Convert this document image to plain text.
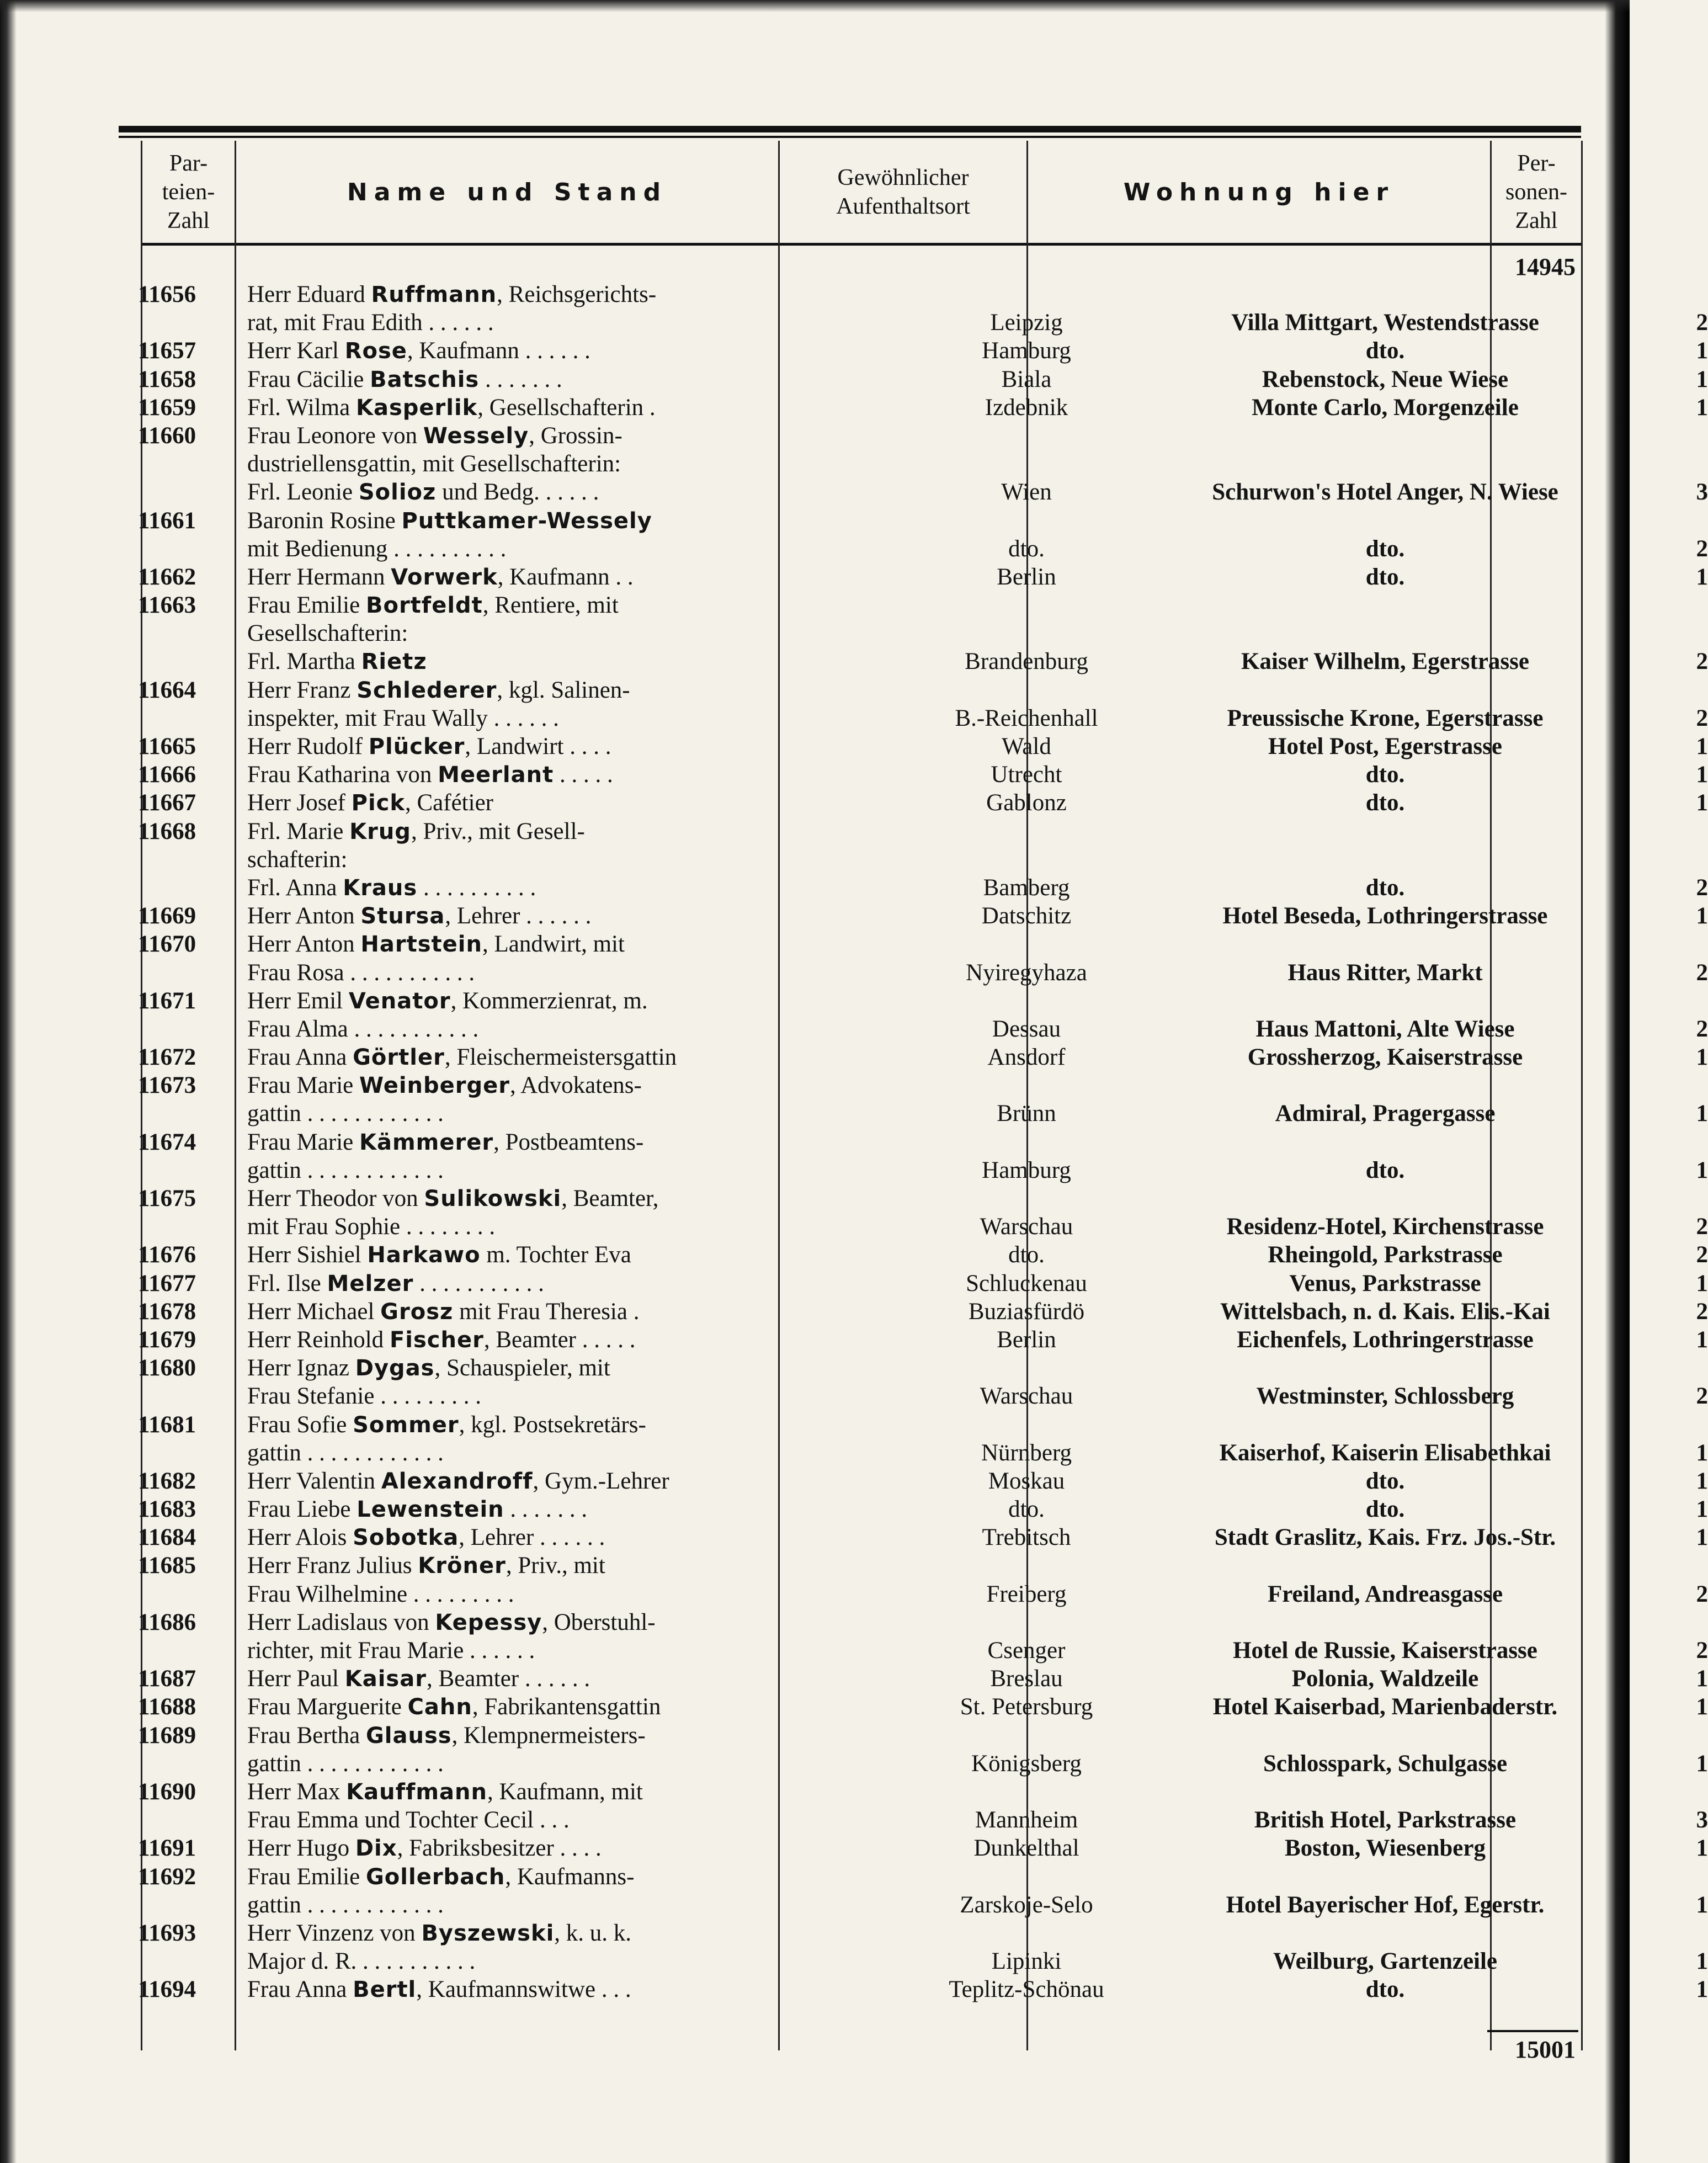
Par-
teien-
Zahl
Name und Stand
Gewöhnlicher
Aufenthaltsort
Wohnung hier
Per-
sonen-
Zahl
14945
11656	Herr Eduard Ruffmann, Reichsgerichts-
rat, mit Frau Edith . . . . . .	Leipzig	Villa Mittgart, Westendstrasse	2
11657	Herr Karl Rose, Kaufmann . . . . . .	Hamburg	dto.	1
11658	Frau Cäcilie Batschis . . . . . . .	Biala	Rebenstock, Neue Wiese	1
11659	Frl. Wilma Kasperlik, Gesellschafterin .	Izdebnik	Monte Carlo, Morgenzeile	1
11660	Frau Leonore von Wessely, Grossin-
dustriellensgattin, mit Gesellschafterin:
Frl. Leonie Solioz und Bedg. . . . . .	Wien	Schurwon's Hotel Anger, N. Wiese	3
11661	Baronin Rosine Puttkamer-Wessely
mit Bedienung . . . . . . . . . .	dto.	dto.	2
11662	Herr Hermann Vorwerk, Kaufmann . .	Berlin	dto.	1
11663	Frau Emilie Bortfeldt, Rentiere, mit
Gesellschafterin:
Frl. Martha Rietz	Brandenburg	Kaiser Wilhelm, Egerstrasse	2
11664	Herr Franz Schlederer, kgl. Salinen-
inspekter, mit Frau Wally . . . . . .	B.-Reichenhall	Preussische Krone, Egerstrasse	2
11665	Herr Rudolf Plücker, Landwirt . . . .	Wald	Hotel Post, Egerstrasse	1
11666	Frau Katharina von Meerlant . . . . .	Utrecht	dto.	1
11667	Herr Josef Pick, Cafétier	Gablonz	dto.	1
11668	Frl. Marie Krug, Priv., mit Gesell-
schafterin:
Frl. Anna Kraus . . . . . . . . . .	Bamberg	dto.	2
11669	Herr Anton Stursa, Lehrer . . . . . .	Datschitz	Hotel Beseda, Lothringerstrasse	1
11670	Herr Anton Hartstein, Landwirt, mit
Frau Rosa . . . . . . . . . . .	Nyiregyhaza	Haus Ritter, Markt	2
11671	Herr Emil Venator, Kommerzienrat, m.
Frau Alma . . . . . . . . . . .	Dessau	Haus Mattoni, Alte Wiese	2
11672	Frau Anna Görtler, Fleischermeistersgattin	Ansdorf	Grossherzog, Kaiserstrasse	1
11673	Frau Marie Weinberger, Advokatens-
gattin . . . . . . . . . . . .	Brünn	Admiral, Pragergasse	1
11674	Frau Marie Kämmerer, Postbeamtens-
gattin . . . . . . . . . . . .	Hamburg	dto.	1
11675	Herr Theodor von Sulikowski, Beamter,
mit Frau Sophie . . . . . . . .	Warschau	Residenz-Hotel, Kirchenstrasse	2
11676	Herr Sishiel Harkawo m. Tochter Eva	dto.	Rheingold, Parkstrasse	2
11677	Frl. Ilse Melzer . . . . . . . . . . .	Schluckenau	Venus, Parkstrasse	1
11678	Herr Michael Grosz mit Frau Theresia .	Buziasfürdö	Wittelsbach, n. d. Kais. Elis.-Kai	2
11679	Herr Reinhold Fischer, Beamter . . . . .	Berlin	Eichenfels, Lothringerstrasse	1
11680	Herr Ignaz Dygas, Schauspieler, mit
Frau Stefanie . . . . . . . . .	Warschau	Westminster, Schlossberg	2
11681	Frau Sofie Sommer, kgl. Postsekretärs-
gattin . . . . . . . . . . . .	Nürnberg	Kaiserhof, Kaiserin Elisabethkai	1
11682	Herr Valentin Alexandroff, Gym.-Lehrer	Moskau	dto.	1
11683	Frau Liebe Lewenstein . . . . . . .	dto.	dto.	1
11684	Herr Alois Sobotka, Lehrer . . . . . .	Trebitsch	Stadt Graslitz, Kais. Frz. Jos.-Str.	1
11685	Herr Franz Julius Kröner, Priv., mit
Frau Wilhelmine . . . . . . . . .	Freiberg	Freiland, Andreasgasse	2
11686	Herr Ladislaus von Kepessy, Oberstuhl-
richter, mit Frau Marie . . . . . .	Csenger	Hotel de Russie, Kaiserstrasse	2
11687	Herr Paul Kaisar, Beamter . . . . . .	Breslau	Polonia, Waldzeile	1
11688	Frau Marguerite Cahn, Fabrikantensgattin	St. Petersburg	Hotel Kaiserbad, Marienbaderstr.	1
11689	Frau Bertha Glauss, Klempnermeisters-
gattin . . . . . . . . . . . .	Königsberg	Schlosspark, Schulgasse	1
11690	Herr Max Kauffmann, Kaufmann, mit
Frau Emma und Tochter Cecil . . .	Mannheim	British Hotel, Parkstrasse	3
11691	Herr Hugo Dix, Fabriksbesitzer . . . .	Dunkelthal	Boston, Wiesenberg	1
11692	Frau Emilie Gollerbach, Kaufmanns-
gattin . . . . . . . . . . . .	Zarskoje-Selo	Hotel Bayerischer Hof, Egerstr.	1
11693	Herr Vinzenz von Byszewski, k. u. k.
Major d. R. . . . . . . . . . .	Lipinki	Weilburg, Gartenzeile	1
11694	Frau Anna Bertl, Kaufmannswitwe . . .	Teplitz-Schönau	dto.	1
15001
